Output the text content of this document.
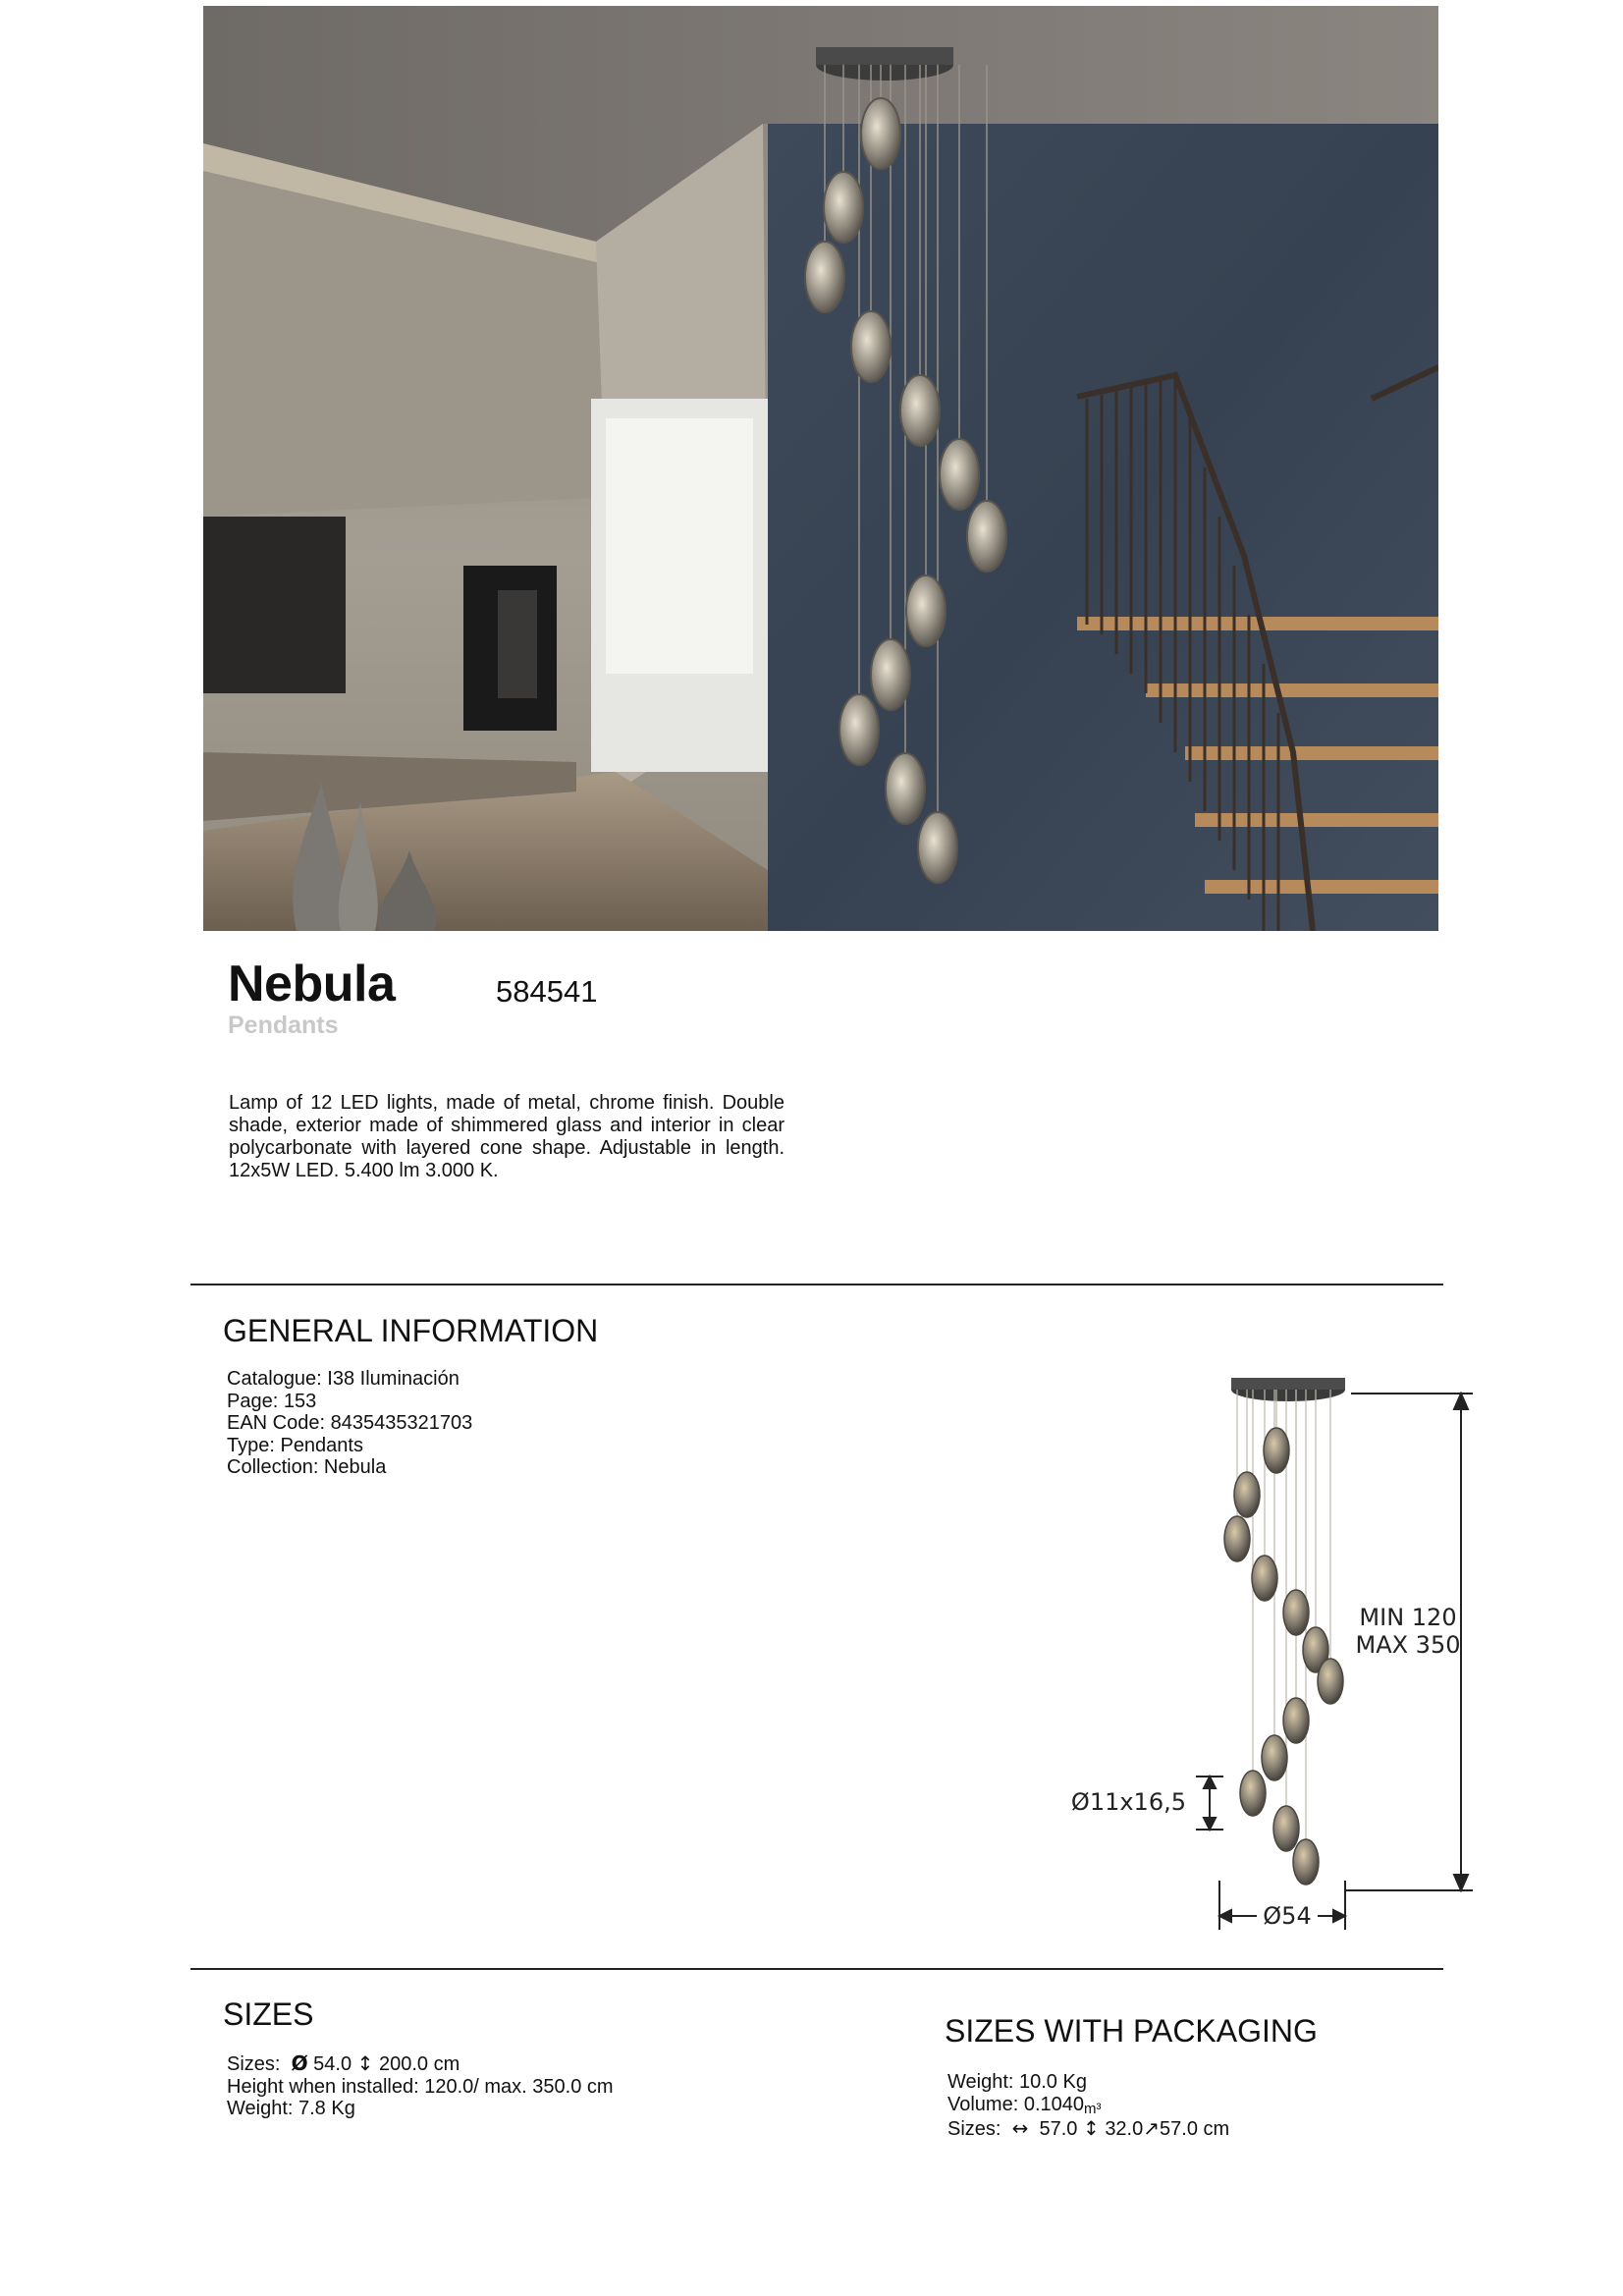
Nebula	584541
Pendants
Lamp of 12 LED lights, made of metal, chrome finish. Double shade, exterior made of shimmered glass and interior in clear polycarbonate with layered cone shape. Adjustable in length. 12x5W LED. 5.400 lm 3.000 K.
GENERAL INFORMATION
Catalogue: I38 Iluminación
Page: 153
EAN Code: 8435435321703
Type: Pendants
Collection: Nebula
MIN 120
MAX 350
Ø11x16,5
Ø54
SIZES
Sizes: Ø 54.0 ↕ 200.0 cm
Height when installed: 120.0/ max. 350.0 cm
Weight: 7.8 Kg
SIZES WITH PACKAGING
Weight: 10.0 Kg
Volume: 0.1040m³
Sizes: ↔ 57.0 ↕ 32.0↗57.0 cm
